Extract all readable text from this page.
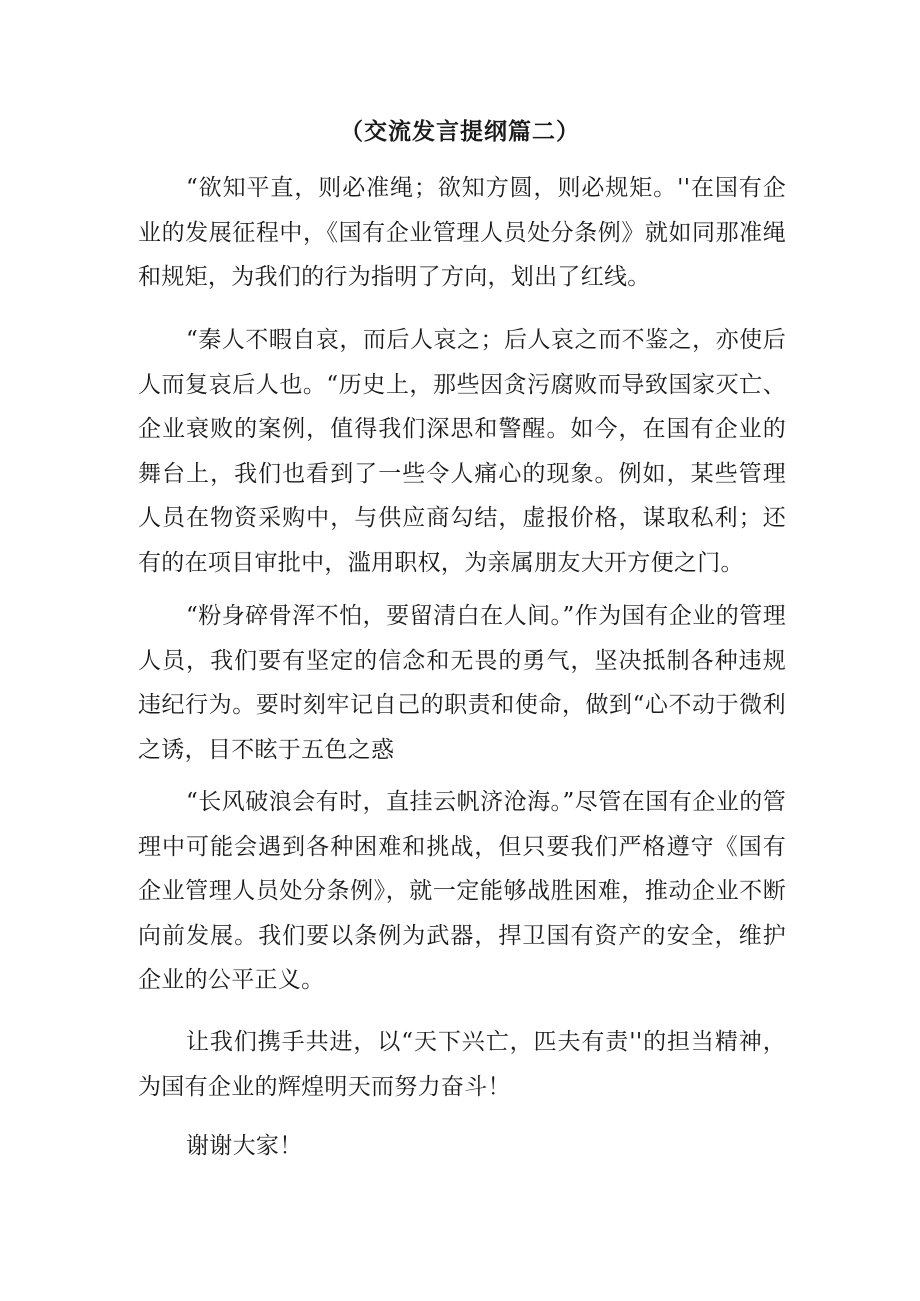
（交流发言提纲篇二）

“欲知平直，则必准绳；欲知方圆，则必规矩。''在国有企业的发展征程中，《国有企业管理人员处分条例》就如同那准绳和规矩，为我们的行为指明了方向，划出了红线。

“秦人不暇自哀，而后人哀之；后人哀之而不鉴之，亦使后人而复哀后人也。“历史上，那些因贪污腐败而导致国家灭亡、企业衰败的案例，值得我们深思和警醒。如今，在国有企业的舞台上，我们也看到了一些令人痛心的现象。例如，某些管理人员在物资采购中，与供应商勾结，虚报价格，谋取私利；还有的在项目审批中，滥用职权，为亲属朋友大开方便之门。

“粉身碎骨浑不怕，要留清白在人间。”作为国有企业的管理人员，我们要有坚定的信念和无畏的勇气，坚决抵制各种违规违纪行为。要时刻牢记自己的职责和使命，做到“心不动于微利之诱，目不眩于五色之惑

“长风破浪会有时，直挂云帆济沧海。”尽管在国有企业的管理中可能会遇到各种困难和挑战，但只要我们严格遵守《国有企业管理人员处分条例》，就一定能够战胜困难，推动企业不断向前发展。我们要以条例为武器，捍卫国有资产的安全，维护企业的公平正义。

让我们携手共进，以“天下兴亡，匹夫有责''的担当精神，为国有企业的辉煌明天而努力奋斗！

谢谢大家！
